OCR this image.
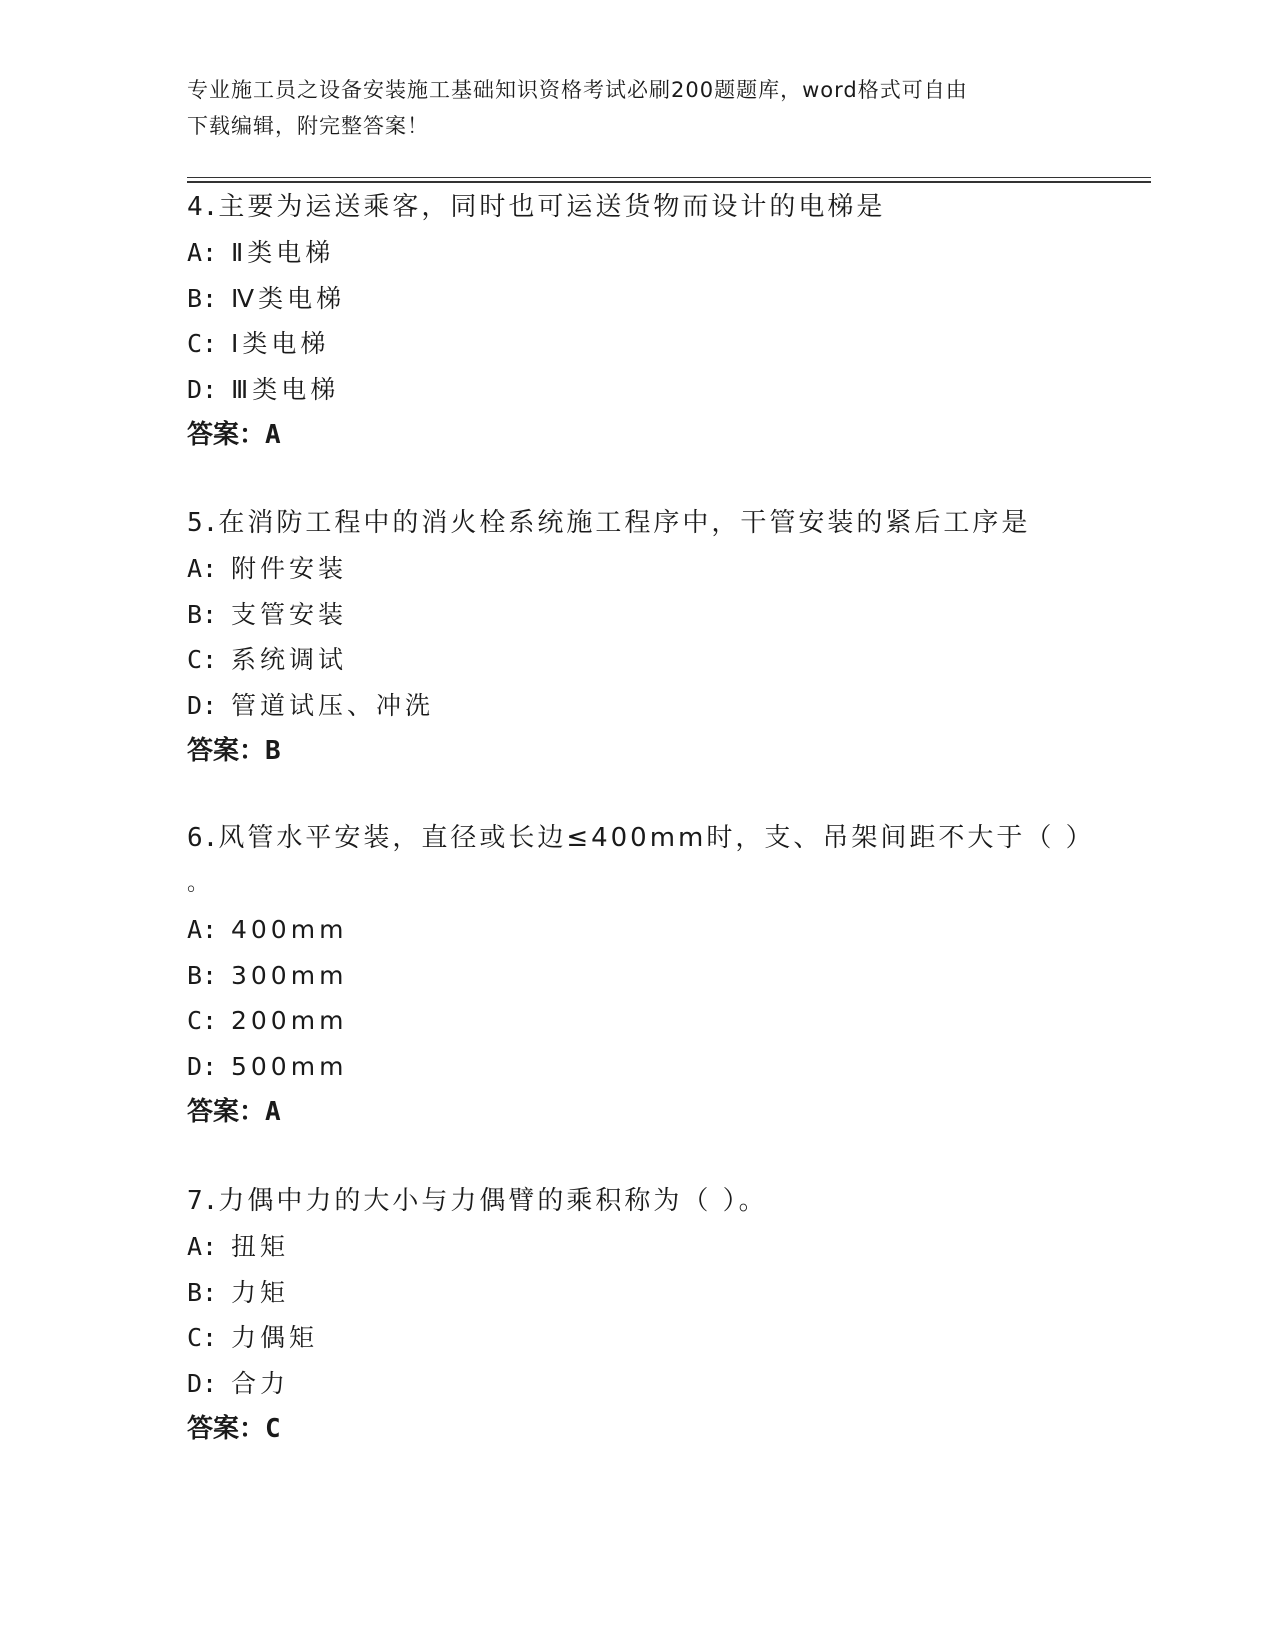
专业施工员之设备安装施工基础知识资格考试必刷200题题库，word格式可自由
下载编辑，附完整答案！
4.主要为运送乘客，同时也可运送货物而设计的电梯是
A: Ⅱ类电梯
B: Ⅳ类电梯
C: Ⅰ类电梯
D: Ⅲ类电梯
答案：A
5.在消防工程中的消火栓系统施工程序中，干管安装的紧后工序是
A: 附件安装
B: 支管安装
C: 系统调试
D: 管道试压、冲洗
答案：B
6.风管水平安装，直径或长边≤400mm时，支、吊架间距不大于（ ）
。
A: 400mm
B: 300mm
C: 200mm
D: 500mm
答案：A
7.力偶中力的大小与力偶臂的乘积称为（ ）。
A: 扭矩
B: 力矩
C: 力偶矩
D: 合力
答案：C
